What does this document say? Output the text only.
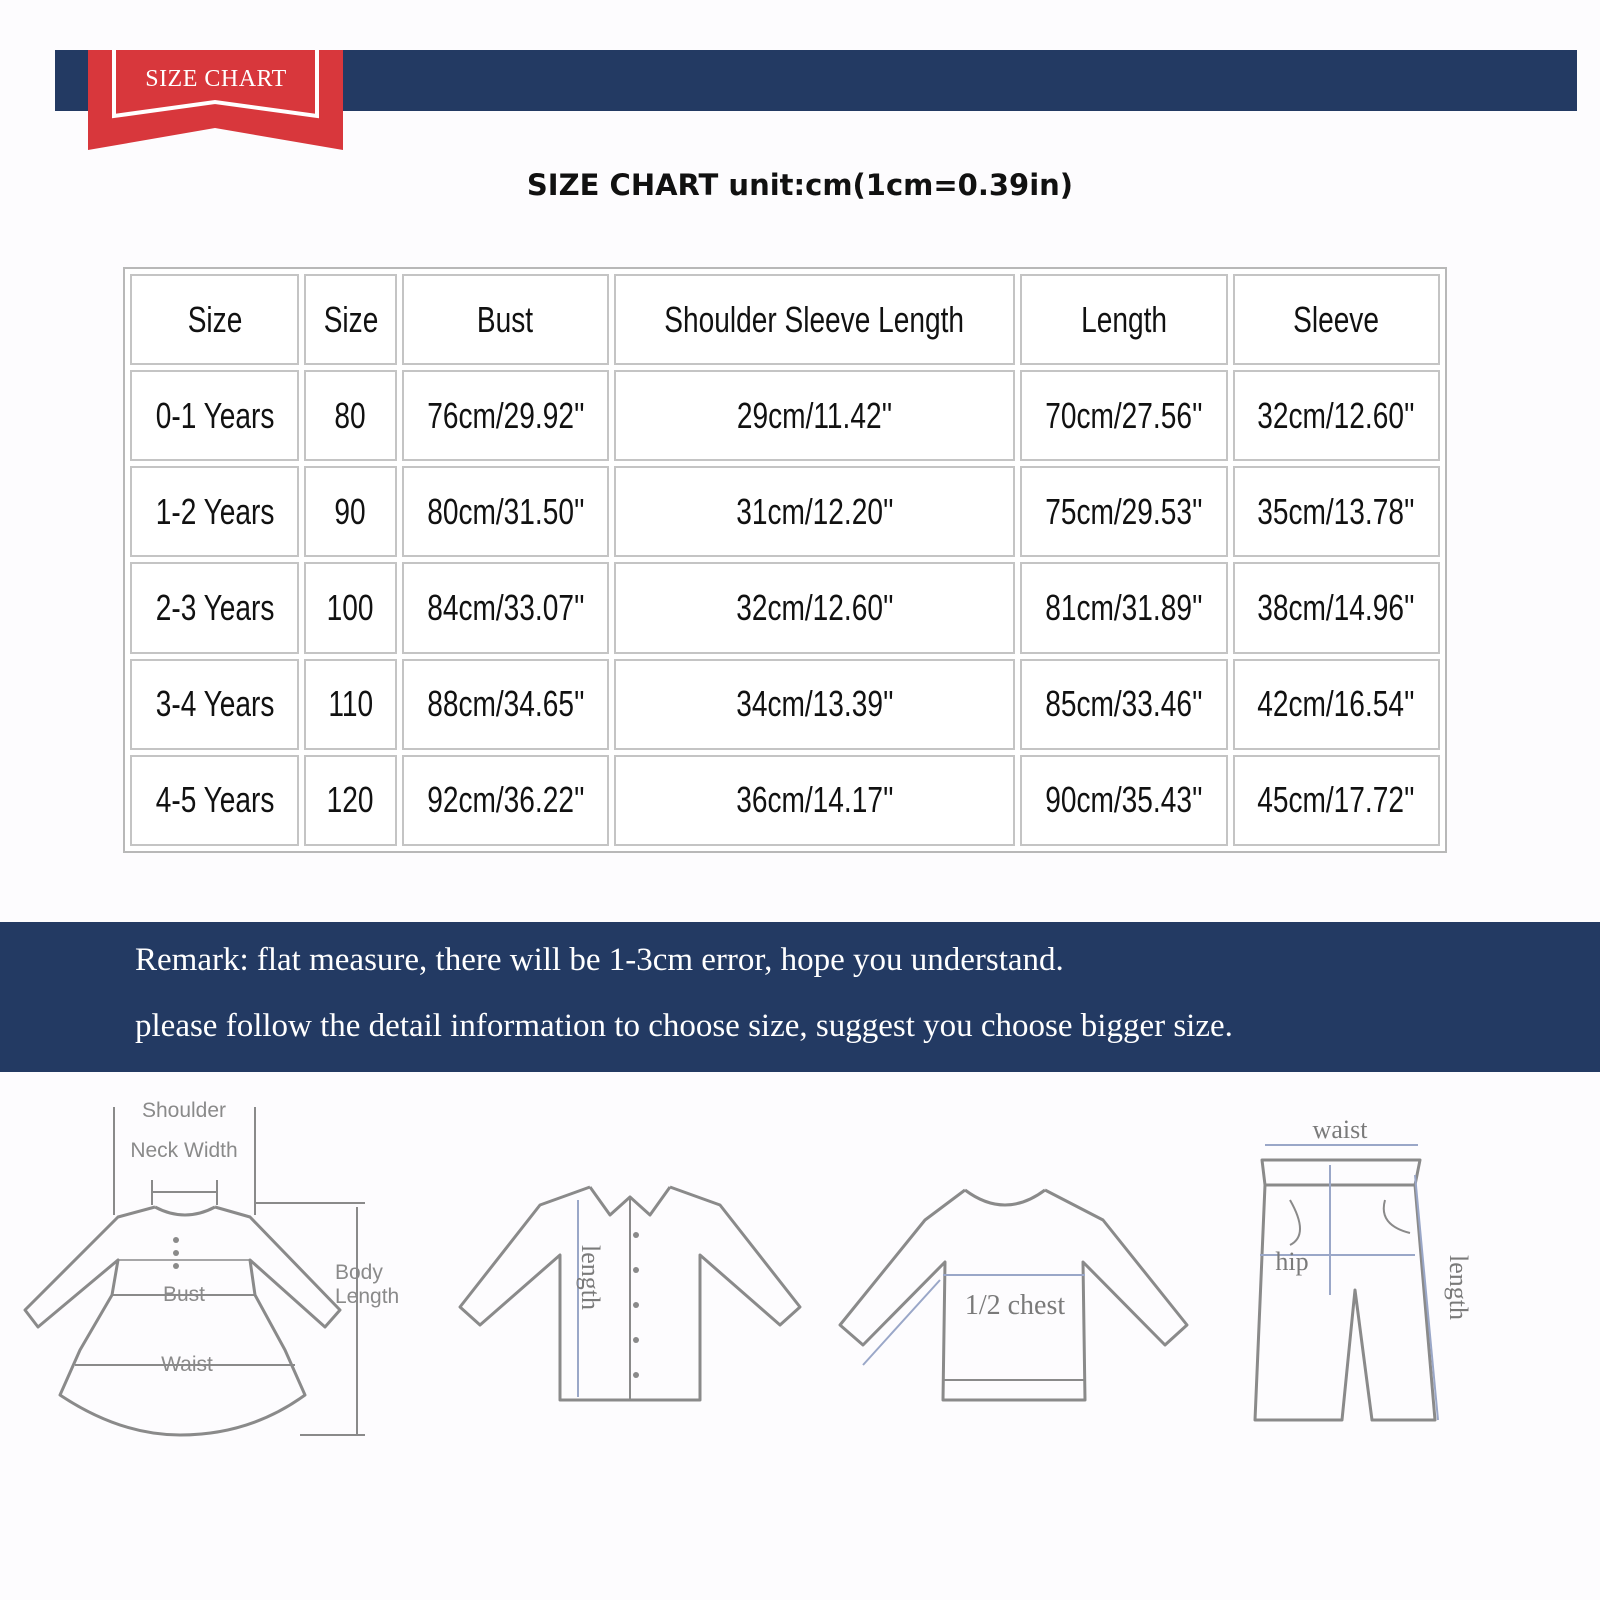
SIZE CHART
SIZE CHART unit:cm(1cm=0.39in)
Size	Size	Bust	Shoulder Sleeve Length	Length	Sleeve
0-1 Years	80	76cm/29.92''	29cm/11.42''	70cm/27.56''	32cm/12.60''
1-2 Years	90	80cm/31.50''	31cm/12.20''	75cm/29.53''	35cm/13.78''
2-3 Years	100	84cm/33.07''	32cm/12.60''	81cm/31.89''	38cm/14.96''
3-4 Years	110	88cm/34.65''	34cm/13.39''	85cm/33.46''	42cm/16.54''
4-5 Years	120	92cm/36.22''	36cm/14.17''	90cm/35.43''	45cm/17.72''
Remark: flat measure, there will be 1-3cm error, hope you understand.
please follow the detail information to choose size, suggest you choose bigger size.
Shoulder
Neck Width
Bust
Waist
Body
Length	length	1/2 chest
waist
hip	length
